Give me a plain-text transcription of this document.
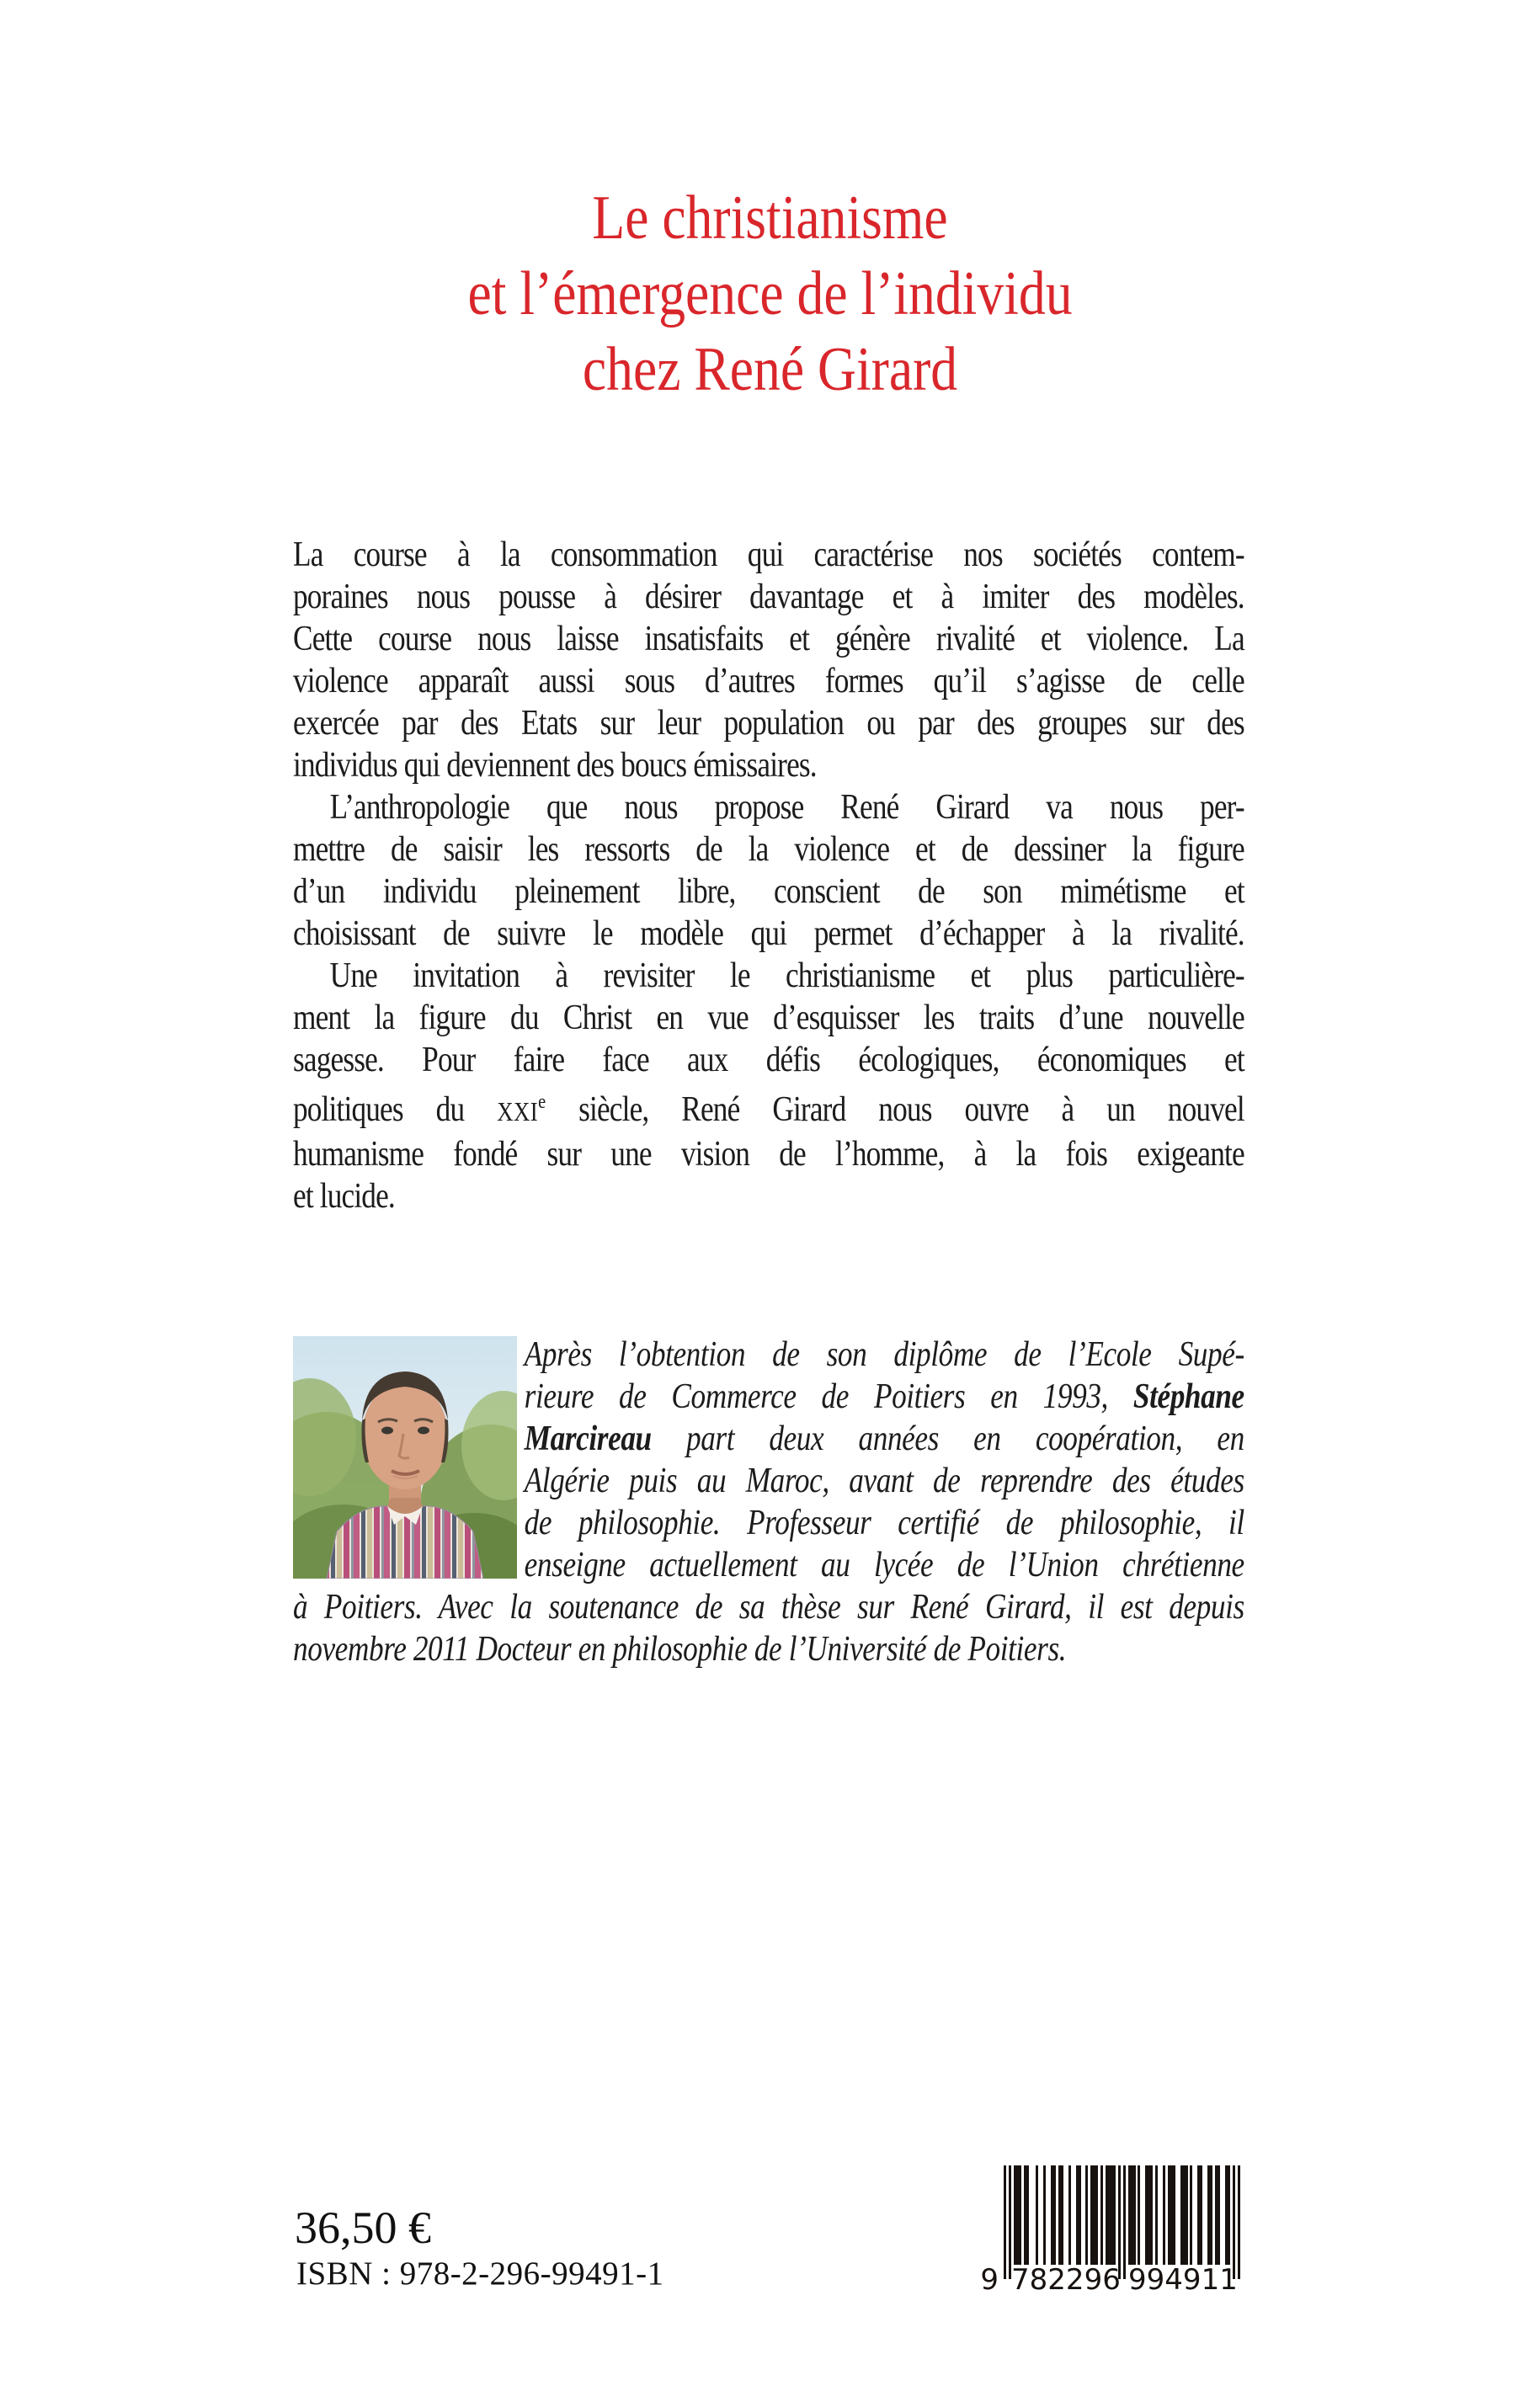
Le christianisme
et l’émergence de l’individu
chez René Girard
La course à la consommation qui caractérise nos sociétés contem-
poraines nous pousse à désirer davantage et à imiter des modèles.
Cette course nous laisse insatisfaits et génère rivalité et violence. La
violence apparaît aussi sous d’autres formes qu’il s’agisse de celle
exercée par des Etats sur leur population ou par des groupes sur des
individus qui deviennent des boucs émissaires.
L’anthropologie que nous propose René Girard va nous per-
mettre de saisir les ressorts de la violence et de dessiner la figure
d’un individu pleinement libre, conscient de son mimétisme et
choisissant de suivre le modèle qui permet d’échapper à la rivalité.
Une invitation à revisiter le christianisme et plus particulière-
ment la figure du Christ en vue d’esquisser les traits d’une nouvelle
sagesse. Pour faire face aux défis écologiques, économiques et
politiques du XXIe siècle, René Girard nous ouvre à un nouvel
humanisme fondé sur une vision de l’homme, à la fois exigeante
et lucide.
Après l’obtention de son diplôme de l’Ecole Supé-
rieure de Commerce de Poitiers en 1993, Stéphane
Marcireau part deux années en coopération, en
Algérie puis au Maroc, avant de reprendre des études
de philosophie. Professeur certifié de philosophie, il
enseigne actuellement au lycée de l’Union chrétienne
à Poitiers. Avec la soutenance de sa thèse sur René Girard, il est depuis
novembre 2011 Docteur en philosophie de l’Université de Poitiers.
36,50 €
ISBN : 978-2-296-99491-1	9 7 8 2 2 9 6 9 9 4 9 1 1
